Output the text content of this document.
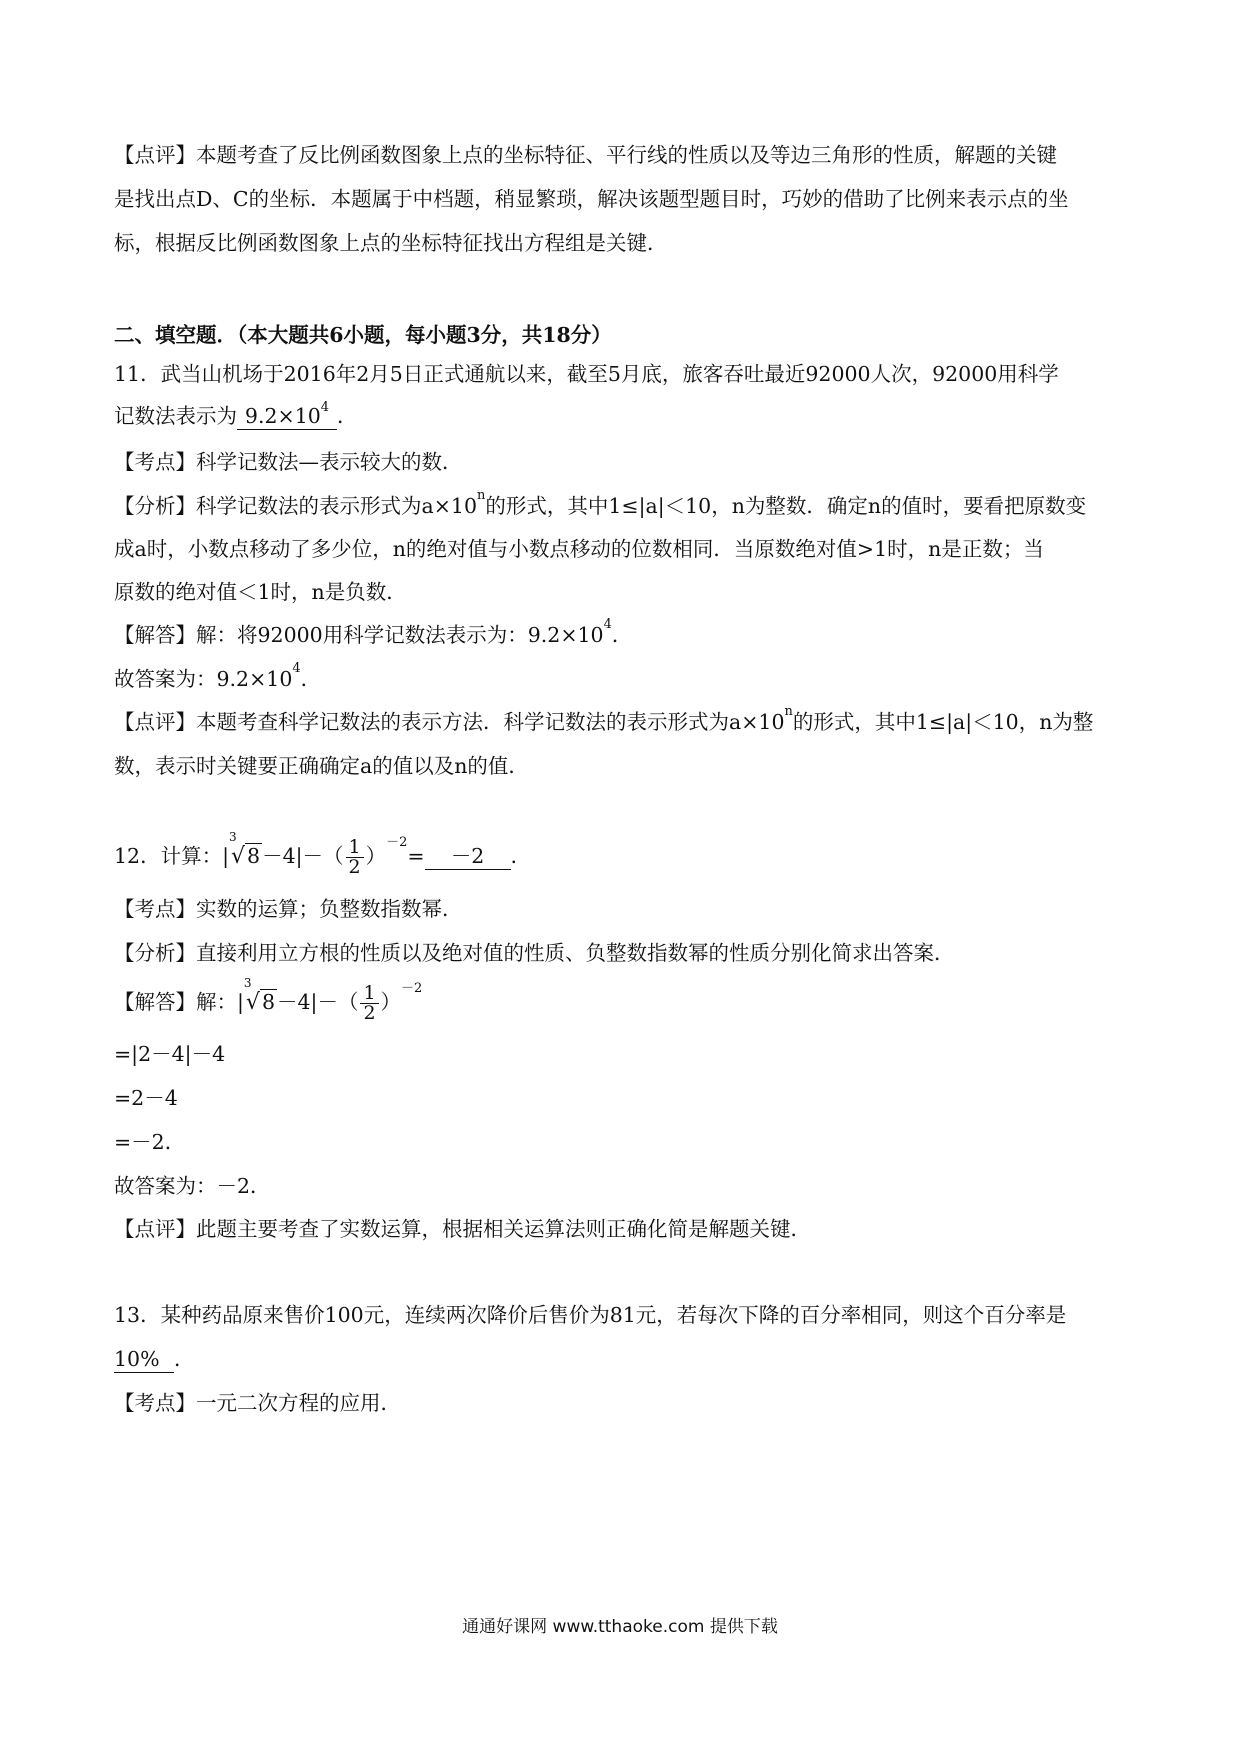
【点评】本题考查了反比例函数图象上点的坐标特征、平行线的性质以及等边三角形的性质，解题的关键
是找出点D、C的坐标．本题属于中档题，稍显繁琐，解决该题型题目时，巧妙的借助了比例来表示点的坐
标，根据反比例函数图象上点的坐标特征找出方程组是关键．
二、填空题．（本大题共6小题，每小题3分，共18分）
11．武当山机场于2016年2月5日正式通航以来，截至5月底，旅客吞吐最近92000人次，92000用科学
记数法表示为 $9.2\times 10^4$ ．
【考点】科学记数法—表示较大的数．
【分析】科学记数法的表示形式为$a\times 10^n$的形式，其中1≤|a|＜10，n为整数．确定n的值时，要看把原数变
成a时，小数点移动了多少位，n的绝对值与小数点移动的位数相同．当原数绝对值>1时，n是正数；当
原数的绝对值＜1时，n是负数．
【解答】解：将92000用科学记数法表示为：$9.2\times 10^4$．
故答案为：$9.2\times 10^4$．
【点评】本题考查科学记数法的表示方法．科学记数法的表示形式为$a\times 10^n$的形式，其中1≤|a|＜10，n为整
数，表示时关键要正确确定a的值以及n的值．
12．计算：|
3
$√8-4|-( \frac{1}{2} )^{-2}= -2$ ．
【考点】实数的运算；负整数指数幂．
【分析】直接利用立方根的性质以及绝对值的性质、负整数指数幂的性质分别化简求出答案．
【解答】解：|
3
$√8-4|-( \frac{1}{2} )^{-2}$
=|2－4|－4
=2－4
=－2．
故答案为：－2．
【点评】此题主要考查了实数运算，根据相关运算法则正确化简是解题关键．
13．某种药品原来售价100元，连续两次降价后售价为81元，若每次下降的百分率相同，则这个百分率是
10% ．
【考点】一元二次方程的应用．
通通好课网 www.tthaoke.com 提供下载
